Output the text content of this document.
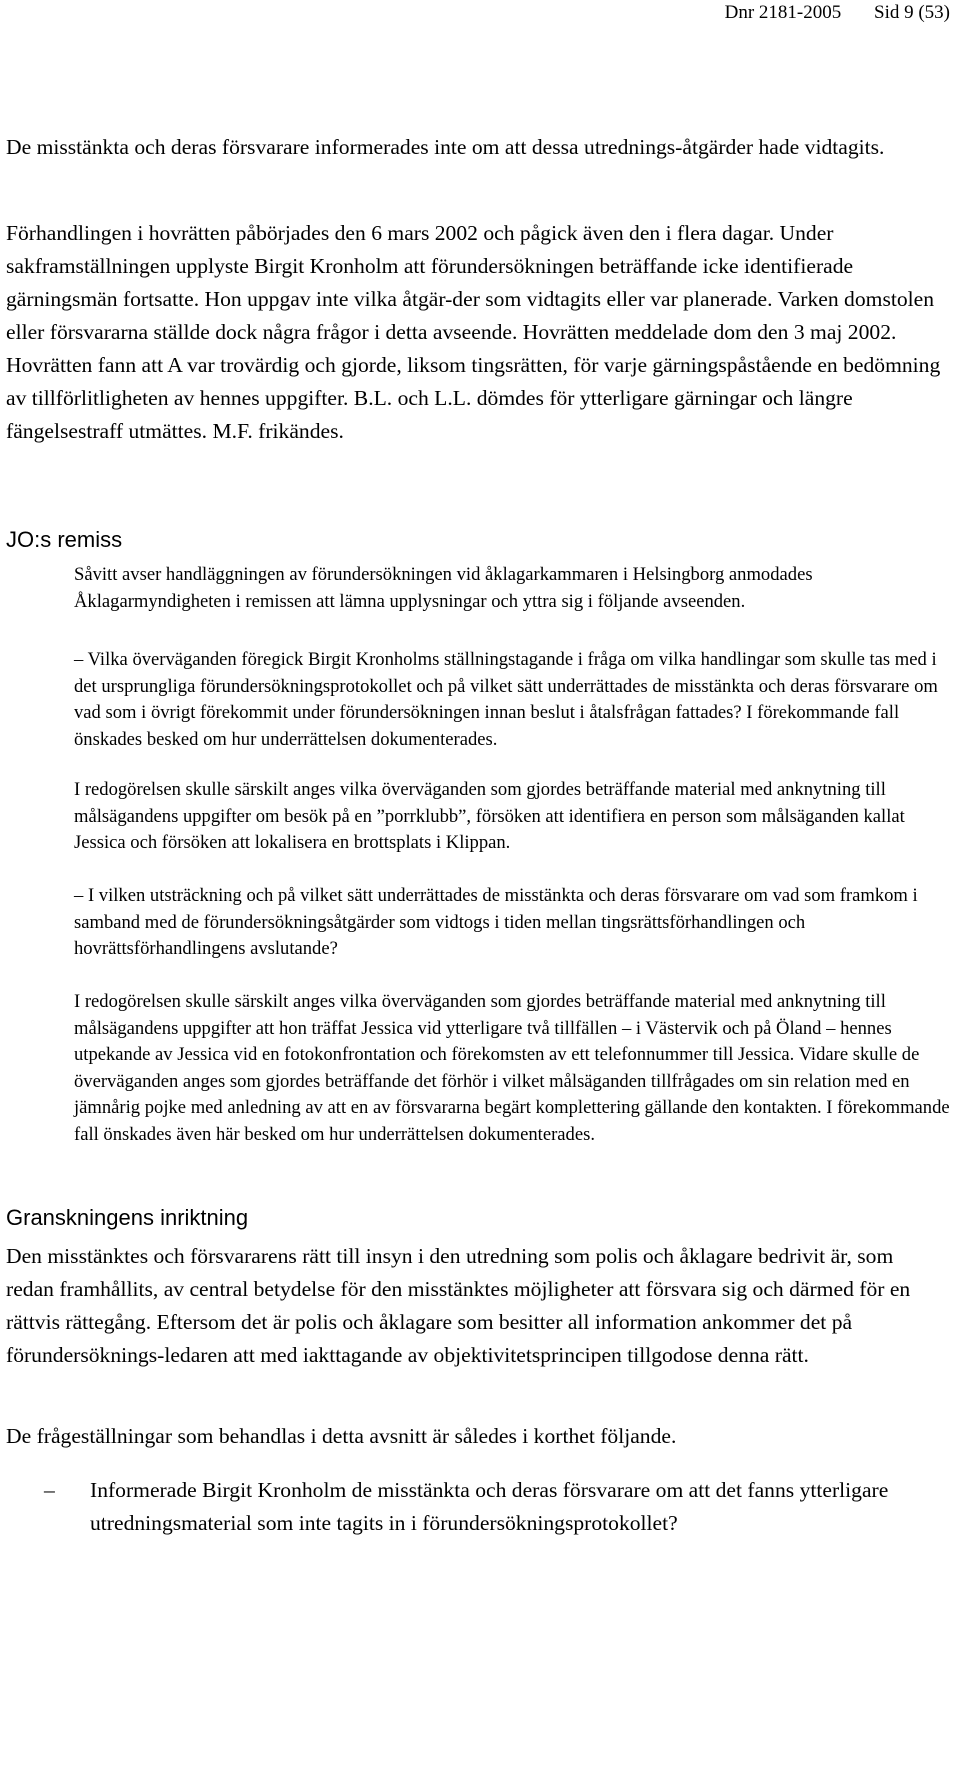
Dnr 2181-2005 Sid 9 (53)

De misstänkta och deras försvarare informerades inte om att dessa utrednings-åtgärder hade vidtagits.

Förhandlingen i hovrätten påbörjades den 6 mars 2002 och pågick även den i flera dagar. Under sakframställningen upplyste Birgit Kronholm att förundersökningen beträffande icke identifierade gärningsmän fortsatte. Hon uppgav inte vilka åtgär-der som vidtagits eller var planerade. Varken domstolen eller försvararna ställde dock några frågor i detta avseende. Hovrätten meddelade dom den 3 maj 2002. Hovrätten fann att A var trovärdig och gjorde, liksom tingsrätten, för varje gärningspåstående en bedömning av tillförlitligheten av hennes uppgifter. B.L. och L.L. dömdes för ytterligare gärningar och längre fängelsestraff utmättes. M.F. frikändes.

JO:s remiss

Såvitt avser handläggningen av förundersökningen vid åklagarkammaren i Helsingborg anmodades Åklagarmyndigheten i remissen att lämna upplysningar och yttra sig i följande avseenden.

– Vilka överväganden föregick Birgit Kronholms ställningstagande i fråga om vilka handlingar som skulle tas med i det ursprungliga förundersökningsprotokollet och på vilket sätt underrättades de misstänkta och deras försvarare om vad som i övrigt förekommit under förundersökningen innan beslut i åtalsfrågan fattades? I förekommande fall önskades besked om hur underrättelsen dokumenterades.

I redogörelsen skulle särskilt anges vilka överväganden som gjordes beträffande material med anknytning till målsägandens uppgifter om besök på en ”porrklubb”, försöken att identifiera en person som målsäganden kallat Jessica och försöken att lokalisera en brottsplats i Klippan.

– I vilken utsträckning och på vilket sätt underrättades de misstänkta och deras försvarare om vad som framkom i samband med de förundersökningsåtgärder som vidtogs i tiden mellan tingsrättsförhandlingen och hovrättsförhandlingens avslutande?

I redogörelsen skulle särskilt anges vilka överväganden som gjordes beträffande material med anknytning till målsägandens uppgifter att hon träffat Jessica vid ytterligare två tillfällen – i Västervik och på Öland – hennes utpekande av Jessica vid en fotokonfrontation och förekomsten av ett telefonnummer till Jessica. Vidare skulle de överväganden anges som gjordes beträffande det förhör i vilket målsäganden tillfrågades om sin relation med en jämnårig pojke med anledning av att en av försvararna begärt komplettering gällande den kontakten. I förekommande fall önskades även här besked om hur underrättelsen dokumenterades.

Granskningens inriktning

Den misstänktes och försvararens rätt till insyn i den utredning som polis och åklagare bedrivit är, som redan framhållits, av central betydelse för den misstänktes möjligheter att försvara sig och därmed för en rättvis rättegång. Eftersom det är polis och åklagare som besitter all information ankommer det på förundersöknings-ledaren att med iakttagande av objektivitetsprincipen tillgodose denna rätt.

De frågeställningar som behandlas i detta avsnitt är således i korthet följande.

– Informerade Birgit Kronholm de misstänkta och deras försvarare om att det fanns ytterligare utredningsmaterial som inte tagits in i förundersökningsprotokollet?
